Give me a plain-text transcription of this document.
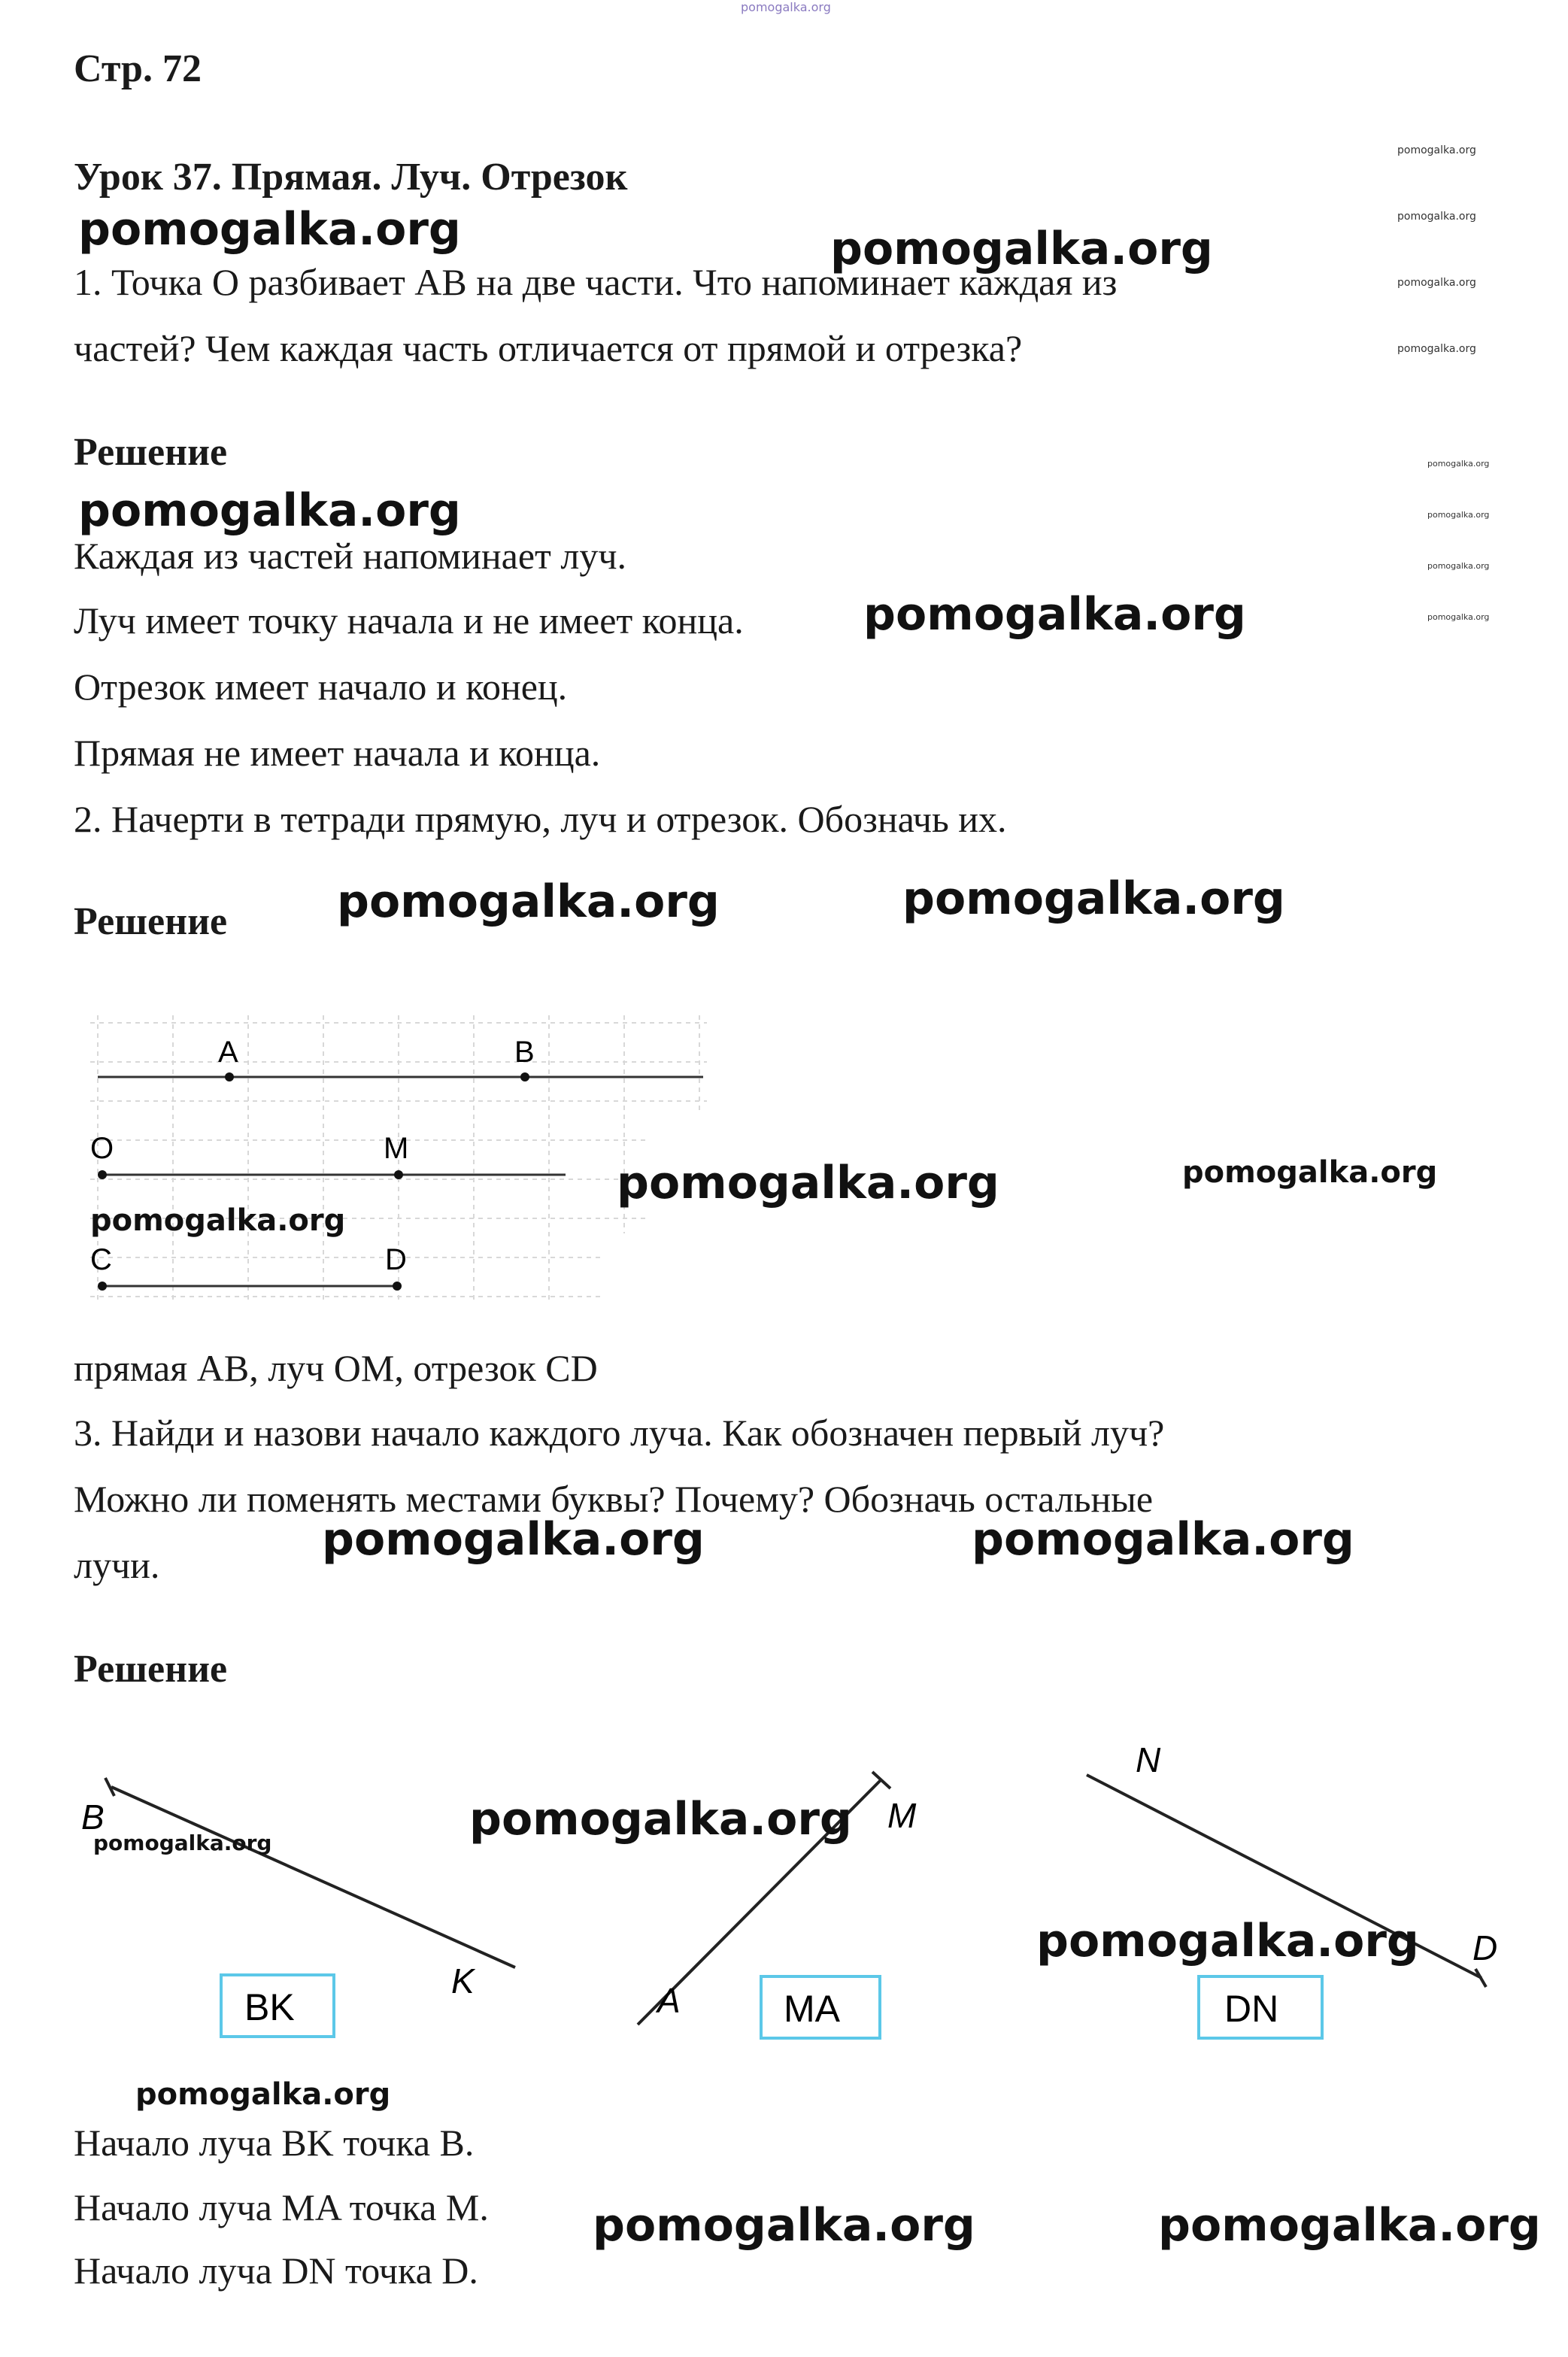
pomogalka.org
Стр. 72
Урок 37. Прямая. Луч. Отрезок
1. Точка O разбивает AB на две части. Что напоминает каждая из
частей? Чем каждая часть отличается от прямой и отрезка?
Решение
Каждая из частей напоминает луч.
Луч имеет точку начала и не имеет конца.
Отрезок имеет начало и конец.
Прямая не имеет начала и конца.
2. Начерти в тетради прямую, луч и отрезок. Обозначь их.
Решение
A	B
O	M
C	D
прямая AB, луч OM, отрезок CD
3. Найди и назови начало каждого луча. Как обозначен первый луч?
Можно ли поменять местами буквы? Почему? Обозначь остальные
лучи.
Решение
B
K
BK
M
A	MA
N
D
DN
Начало луча BK точка B.
Начало луча MA точка M.
Начало луча DN точка D.
pomogalka.org	pomogalka.org
pomogalka.org
pomogalka.org
pomogalka.org	pomogalka.org
pomogalka.org	pomogalka.org
pomogalka.org
pomogalka.org	pomogalka.org
pomogalka.org
pomogalka.org
pomogalka.org
pomogalka.org
pomogalka.org	pomogalka.org
pomogalka.org
pomogalka.org
pomogalka.org
pomogalka.org
pomogalka.org
pomogalka.org
pomogalka.org
pomogalka.org
